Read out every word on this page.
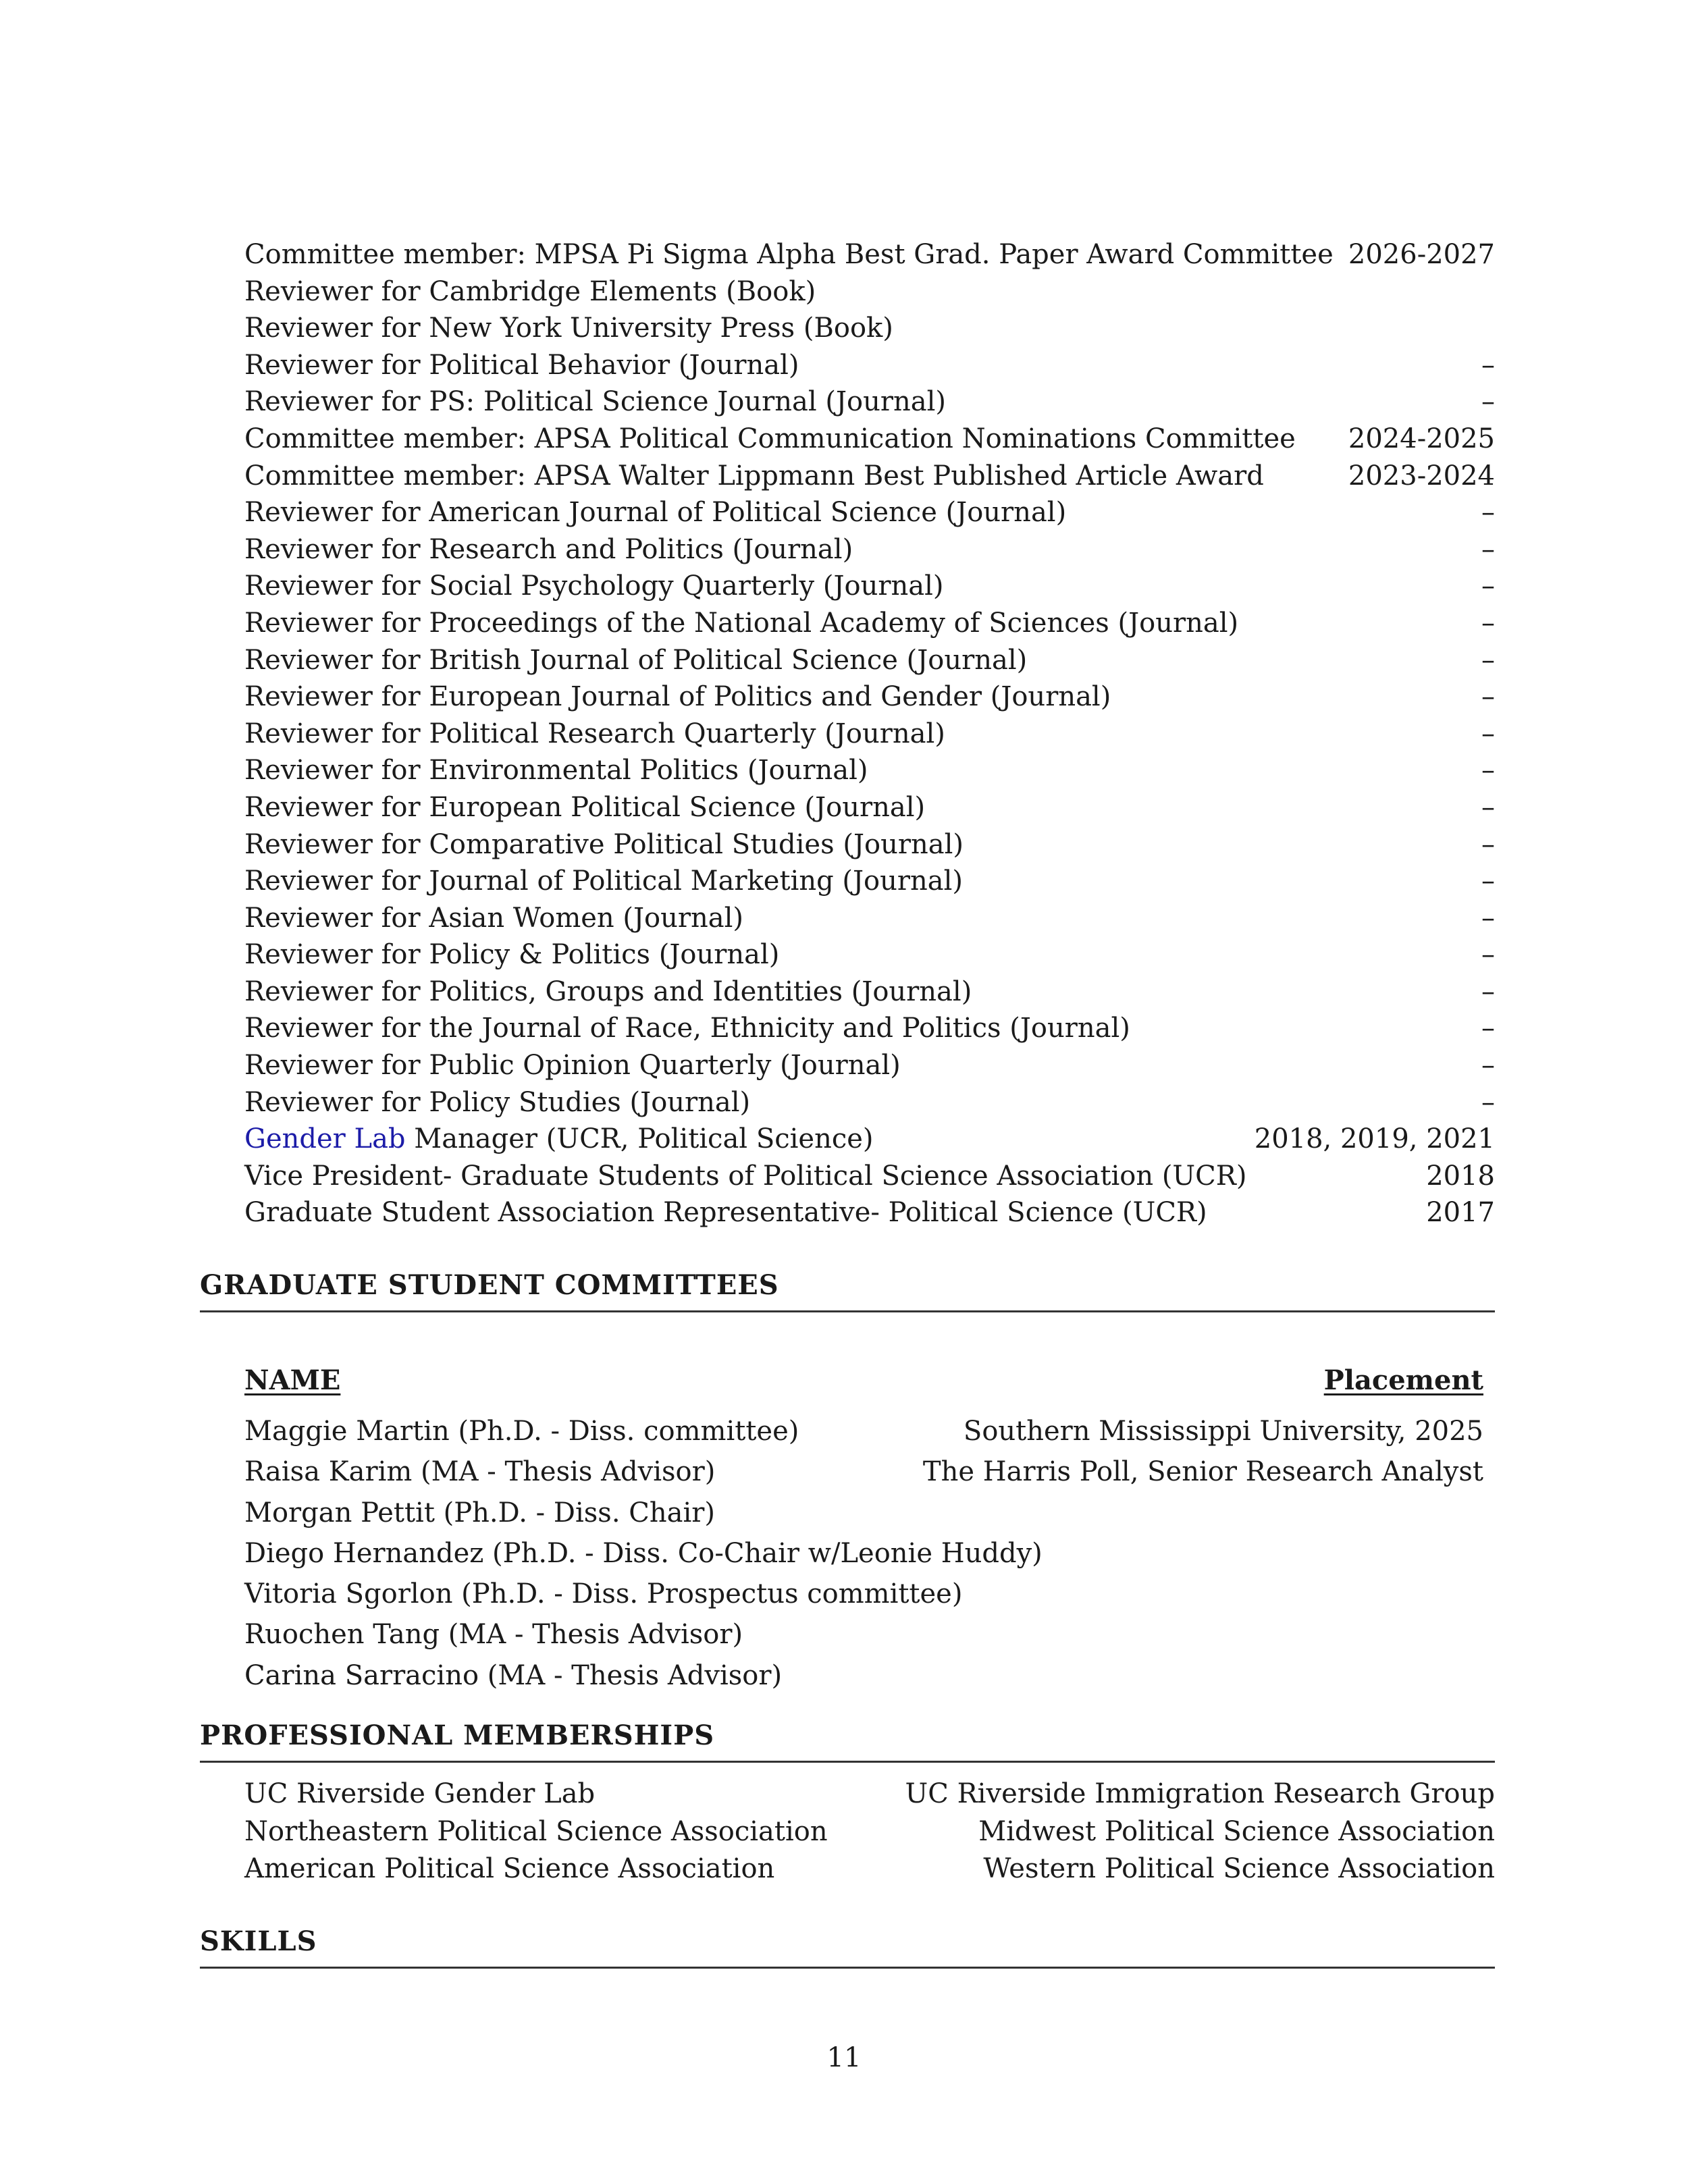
Committee member: MPSA Pi Sigma Alpha Best Grad. Paper Award Committee 2026-2027
Reviewer for Cambridge Elements (Book)
Reviewer for New York University Press (Book)
Reviewer for Political Behavior (Journal)	–
Reviewer for PS: Political Science Journal (Journal)	–
Committee member: APSA Political Communication Nominations Committee 2024-2025
Committee member: APSA Walter Lippmann Best Published Article Award	2023-2024
Reviewer for American Journal of Political Science (Journal)	–
Reviewer for Research and Politics (Journal)	–
Reviewer for Social Psychology Quarterly (Journal)	–
Reviewer for Proceedings of the National Academy of Sciences (Journal)	–
Reviewer for British Journal of Political Science (Journal)	–
Reviewer for European Journal of Politics and Gender (Journal)	–
Reviewer for Political Research Quarterly (Journal)	–
Reviewer for Environmental Politics (Journal)	–
Reviewer for European Political Science (Journal)	–
Reviewer for Comparative Political Studies (Journal)	–
Reviewer for Journal of Political Marketing (Journal)	–
Reviewer for Asian Women (Journal)	–
Reviewer for Policy & Politics (Journal)	–
Reviewer for Politics, Groups and Identities (Journal)	–
Reviewer for the Journal of Race, Ethnicity and Politics (Journal)	–
Reviewer for Public Opinion Quarterly (Journal)	–
Reviewer for Policy Studies (Journal)	–
Gender Lab Manager (UCR, Political Science)	2018, 2019, 2021
Vice President- Graduate Students of Political Science Association (UCR)	2018
Graduate Student Association Representative- Political Science (UCR)	2017
GRADUATE STUDENT COMMITTEES
NAME	Placement
Maggie Martin (Ph.D. - Diss. committee)	Southern Mississippi University, 2025
Raisa Karim (MA - Thesis Advisor)	The Harris Poll, Senior Research Analyst
Morgan Pettit (Ph.D. - Diss. Chair)
Diego Hernandez (Ph.D. - Diss. Co-Chair w/Leonie Huddy)
Vitoria Sgorlon (Ph.D. - Diss. Prospectus committee)
Ruochen Tang (MA - Thesis Advisor)
Carina Sarracino (MA - Thesis Advisor)
PROFESSIONAL MEMBERSHIPS
UC Riverside Gender Lab	UC Riverside Immigration Research Group
Northeastern Political Science Association	Midwest Political Science Association
American Political Science Association	Western Political Science Association
SKILLS
11
